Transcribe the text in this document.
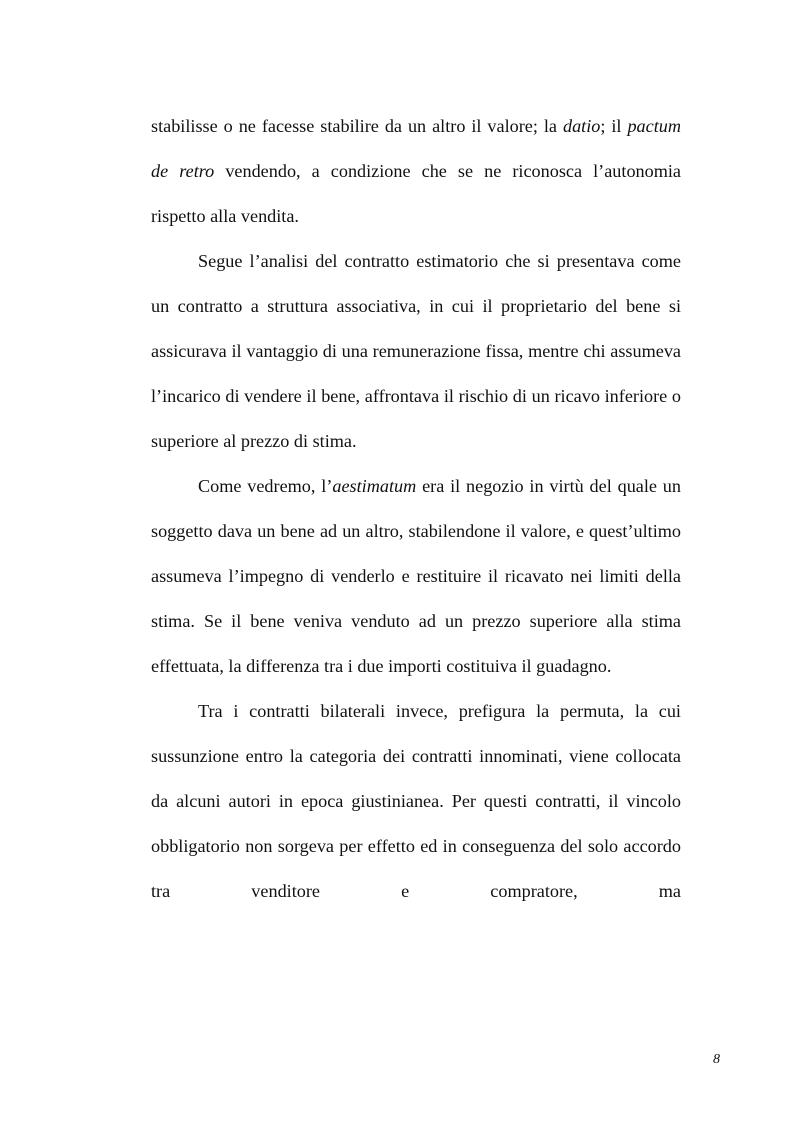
stabilisse o ne facesse stabilire da un altro il valore; la datio; il pactum de retro vendendo, a condizione che se ne riconosca l’autonomia rispetto alla vendita.

Segue l’analisi del contratto estimatorio che si presentava come un contratto a struttura associativa, in cui il proprietario del bene si assicurava il vantaggio di una remunerazione fissa, mentre chi assumeva l’incarico di vendere il bene, affrontava il rischio di un ricavo inferiore o superiore al prezzo di stima.

Come vedremo, l’aestimatum era il negozio in virtù del quale un soggetto dava un bene ad un altro, stabilendone il valore, e quest’ultimo assumeva l’impegno di venderlo e restituire il ricavato nei limiti della stima. Se il bene veniva venduto ad un prezzo superiore alla stima effettuata, la differenza tra i due importi costituiva il guadagno.

Tra i contratti bilaterali invece, prefigura la permuta, la cui sussunzione entro la categoria dei contratti innominati, viene collocata da alcuni autori in epoca giustinianea. Per questi contratti, il vincolo obbligatorio non sorgeva per effetto ed in conseguenza del solo accordo tra venditore e compratore, ma

8
